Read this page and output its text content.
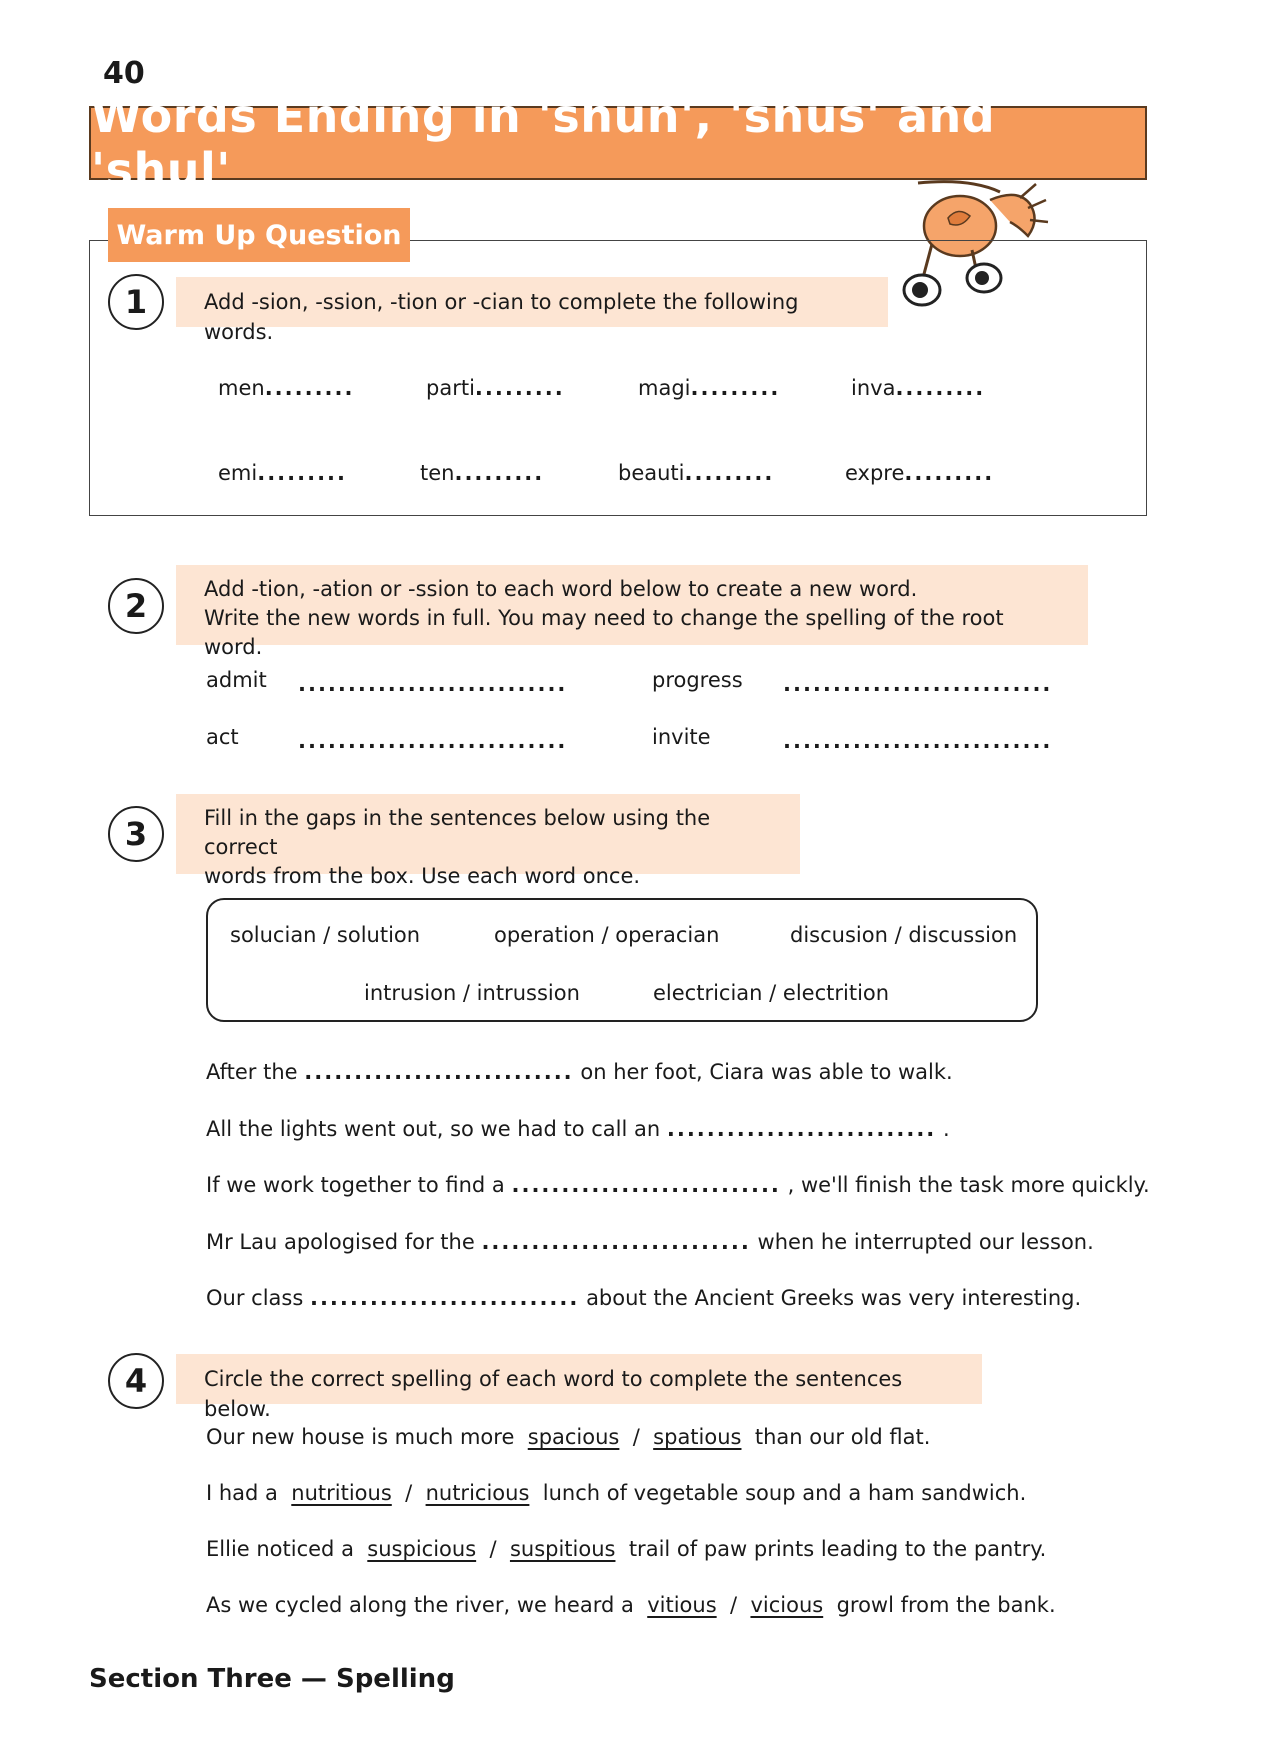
40
Words Ending in 'shun', 'shus' and 'shul'
Warm Up Question
1	Add -sion, -ssion, -tion or -cian to complete the following words.
men.........	parti.........	magi.........	inva.........
emi.........	ten.........	beauti.........	expre.........
2	Add -tion, -ation or -ssion to each word below to create a new word.
Write the new words in full. You may need to change the spelling of the root word.
admit ...........................	progress ...........................
act	...........................	invite	...........................
3	Fill in the gaps in the sentences below using the correct
words from the box. Use each word once.
solucian / solution	operation / operacian	discusion / discussion
intrusion / intrussion	electrician / electrition
After the ........................... on her foot, Ciara was able to walk.
All the lights went out, so we had to call an ........................... .
If we work together to find a ........................... , we'll finish the task more quickly.
Mr Lau apologised for the ........................... when he interrupted our lesson.
Our class ........................... about the Ancient Greeks was very interesting.
4	Circle the correct spelling of each word to complete the sentences below.
Our new house is much more spacious / spatious than our old flat.
I had a nutritious / nutricious lunch of vegetable soup and a ham sandwich.
Ellie noticed a suspicious / suspitious trail of paw prints leading to the pantry.
As we cycled along the river, we heard a vitious / vicious growl from the bank.
Section Three — Spelling
